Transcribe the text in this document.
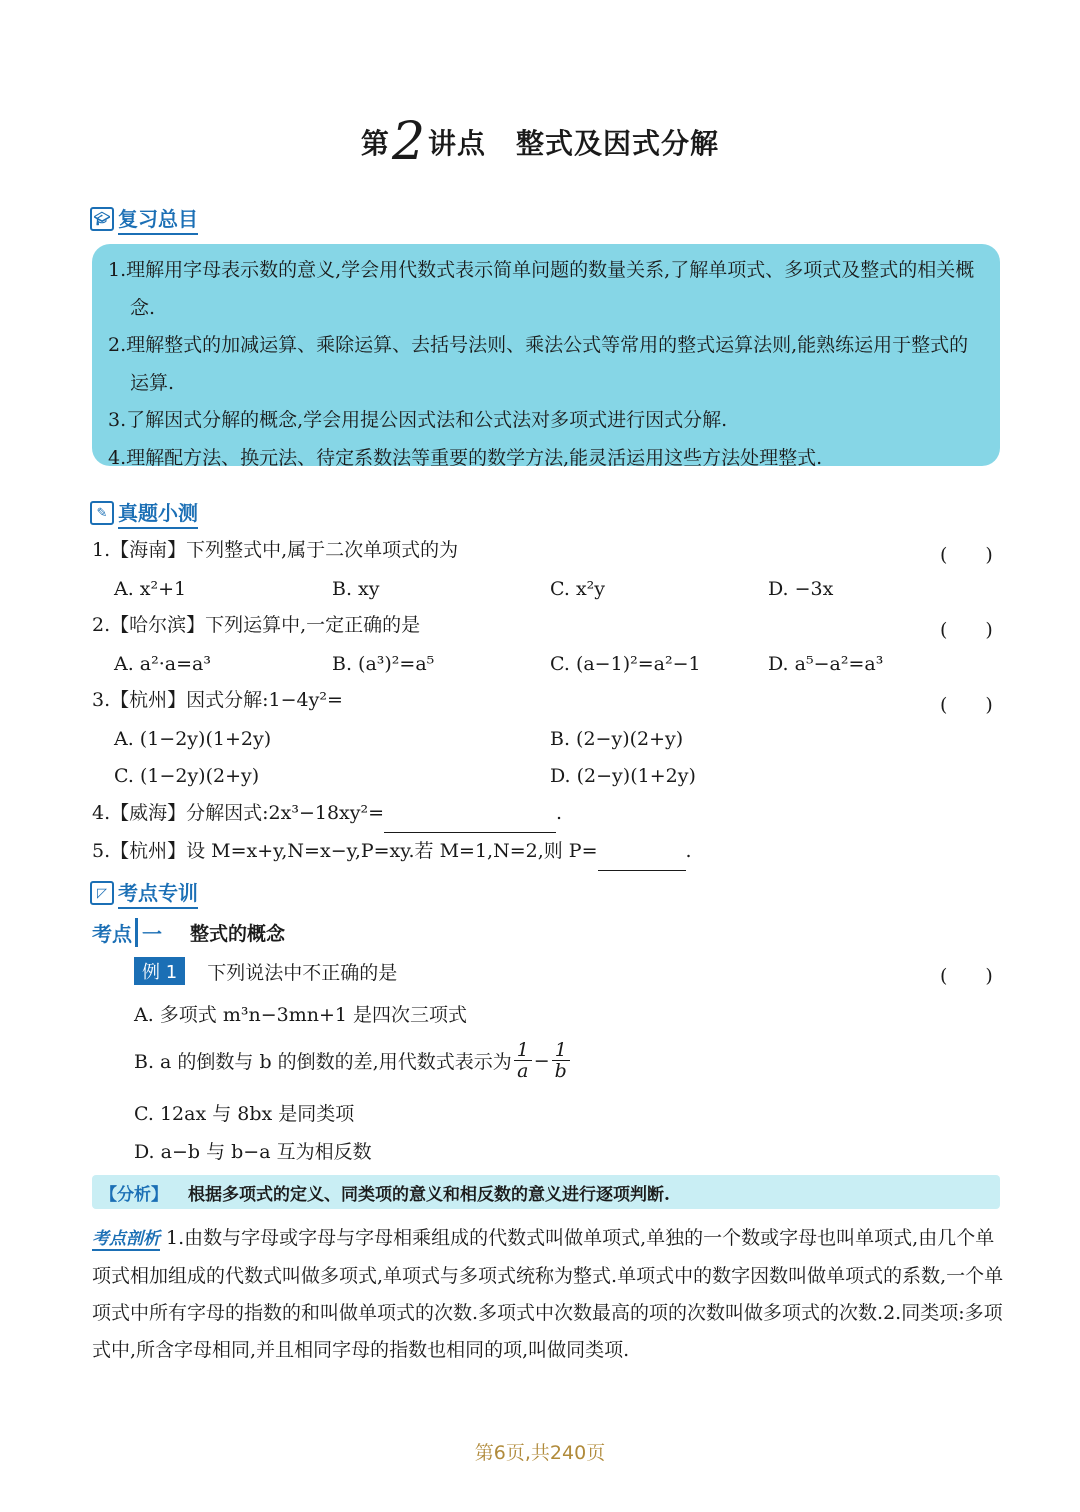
第2讲点 整式及因式分解
🎓︎ 复习总目
1.理解用字母表示数的意义,学会用代数式表示简单问题的数量关系,了解单项式、多项式及整式的相关概念.
2.理解整式的加减运算、乘除运算、去括号法则、乘法公式等常用的整式运算法则,能熟练运用于整式的运算.
3.了解因式分解的概念,学会用提公因式法和公式法对多项式进行因式分解.
4.理解配方法、换元法、待定系数法等重要的数学方法,能灵活运用这些方法处理整式.
✎ 真题小测
1.【海南】下列整式中,属于二次单项式的为	(　　)
A. x²+1	B. xy	C. x²y	D. −3x
2.【哈尔滨】下列运算中,一定正确的是	(　　)
A. a²·a=a³	B. (a³)²=a⁵	C. (a−1)²=a²−1	D. a⁵−a²=a³
3.【杭州】因式分解:1−4y²=	(　　)
A. (1−2y)(1+2y)	B. (2−y)(2+y)
C. (1−2y)(2+y)	D. (2−y)(1+2y)
4.【威海】分解因式:2x³−18xy²=	.
5.【杭州】设 M=x+y,N=x−y,P=xy.若 M=1,N=2,则 P=	.
◸ 考点专训
考点 一 整式的概念
例 1	下列说法中不正确的是	(　　)
A. 多项式 m³n−3mn+1 是四次三项式
B. a 的倒数与 b 的倒数的差,用代数式表示为 $\frac{1}{a} - \frac{1}{b}$
C. 12ax 与 8bx 是同类项
D. a−b 与 b−a 互为相反数
【分析】 根据多项式的定义、同类项的意义和相反数的意义进行逐项判断.
考点剖析 1.由数与字母或字母与字母相乘组成的代数式叫做单项式,单独的一个数或字母也叫单项式,由几个单项式相加组成的代数式叫做多项式,单项式与多项式统称为整式.单项式中的数字因数叫做单项式的系数,一个单项式中所有字母的指数的和叫做单项式的次数.多项式中次数最高的项的次数叫做多项式的次数.2.同类项:多项式中,所含字母相同,并且相同字母的指数也相同的项,叫做同类项.
第6页,共240页
